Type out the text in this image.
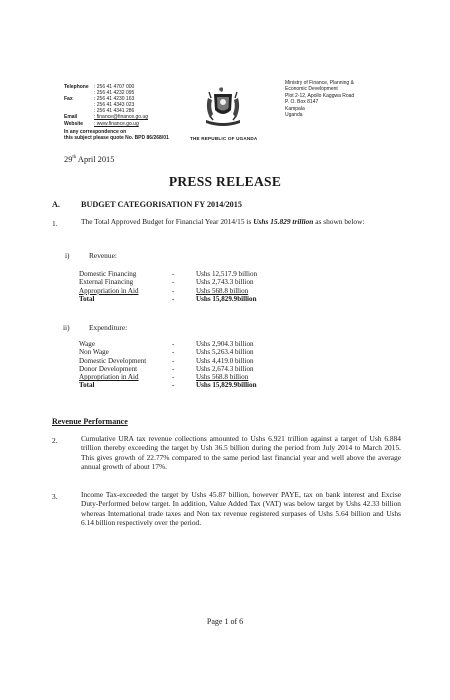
Telephone	: 256 41 4707 000
: 256 41 4232 095
Fax	: 256 41 4230 163
: 256 41 4343 023
: 256 41 4341 286
Email	: finance@finance.go.ug
Website	: www.finance.go.ug
In any correspondence on
this subject please quote No. BPD 86/268/01	THE REPUBLIC OF UGANDA
Ministry of Finance, Planning &
Economic Development
Plot 2-12, Apollo Kaggwa Road
P. O. Box 8147
Kampala
Uganda
29th April 2015
PRESS RELEASE
A.	BUDGET CATEGORISATION FY 2014/2015
1.	The Total Approved Budget for Financial Year 2014/15 is Ushs 15.829 trillion as shown below:
i)	Revenue:
Domestic Financing	-	Ushs 12,517.9 billion
External Financing	-	Ushs 2,743.3 billion
Appropriation in Aid	-	Ushs 568.8 billion
Total	-	Ushs 15,829.9billion
ii)	Expenditure:
Wage	-	Ushs 2,904.3 billion
Non Wage	-	Ushs 5,263.4 billion
Domestic Development	-	Ushs 4,419.0 billion
Donor Development	-	Ushs 2,674.3 billion
Appropriation in Aid	-	Ushs 568.8 billion
Total	-	Ushs 15,829.9billion
Revenue Performance
2.	Cumulative URA tax revenue collections amounted to Ushs 6.921 trillion against a target of Ush 6.884 trillion thereby exceeding the target by Ush 36.5 billion during the period from July 2014 to March 2015. This gives growth of 22.77% compared to the same period last financial year and well above the average annual growth of about 17%.
3.	Income Tax-exceeded the target by Ushs 45.87 billion, however PAYE, tax on bank interest and Excise Duty-Performed below target. In addition, Value Added Tax (VAT) was below target by Ushs 42.33 billion whereas International trade taxes and Non tax revenue registered surpases of Ushs 5.64 billion and Ushs 6.14 billion respectively over the period.
Page 1 of 6
